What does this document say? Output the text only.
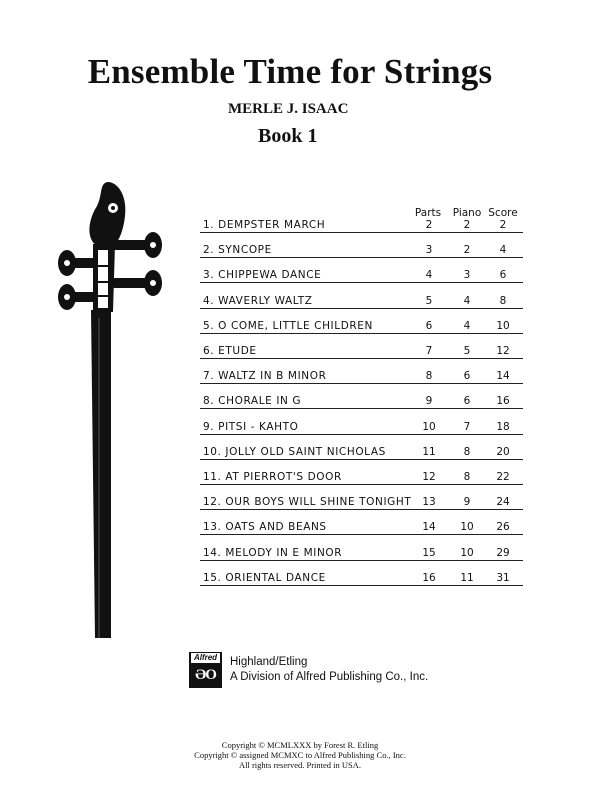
Ensemble Time for Strings
MERLE J. ISAAC
Book 1
Parts Piano Score
1. DEMPSTER MARCH	2	2	2
2. SYNCOPE	3	2	4
3. CHIPPEWA DANCE	4	3	6
4. WAVERLY WALTZ	5	4	8
5. O COME, LITTLE CHILDREN	6	4 10
6. ETUDE	7	5 12
7. WALTZ IN B MINOR	8	6 14
8. CHORALE IN G	9	6 16
9. PITSI - KAHTO	10	7 18
10. JOLLY OLD SAINT NICHOLAS	11	8 20
11. AT PIERROT'S DOOR	12	8 22
12. OUR BOYS WILL SHINE TONIGHT 13	9 24
13. OATS AND BEANS	14 10 26
14. MELODY IN E MINOR	15 10 29
15. ORIENTAL DANCE	16 11 31
Alfred
ƏO
Highland/Etling
A Division of Alfred Publishing Co., Inc.
Copyright © MCMLXXX by Forest R. Etling
Copyright © assigned MCMXC to Alfred Publishing Co., Inc.
All rights reserved. Printed in USA.
